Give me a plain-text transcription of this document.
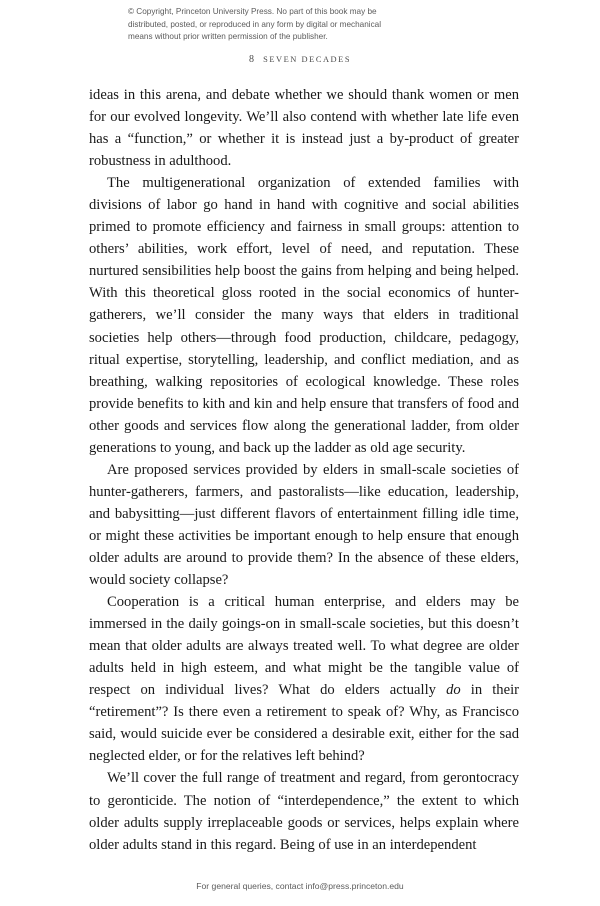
© Copyright, Princeton University Press. No part of this book may be
distributed, posted, or reproduced in any form by digital or mechanical
means without prior written permission of the publisher.
8 SEVEN DECADES

ideas in this arena, and debate whether we should thank women or men for our evolved longevity. We’ll also contend with whether late life even has a “function,” or whether it is instead just a by-product of greater robustness in adulthood.

The multigenerational organization of extended families with divisions of labor go hand in hand with cognitive and social abilities primed to promote efficiency and fairness in small groups: attention to others’ abilities, work effort, level of need, and reputation. These nurtured sensibilities help boost the gains from helping and being helped. With this theoretical gloss rooted in the social economics of hunter-gatherers, we’ll consider the many ways that elders in traditional societies help others—through food production, childcare, pedagogy, ritual expertise, storytelling, leadership, and conflict mediation, and as breathing, walking repositories of ecological knowledge. These roles provide benefits to kith and kin and help ensure that transfers of food and other goods and services flow along the generational ladder, from older generations to young, and back up the ladder as old age security.

Are proposed services provided by elders in small-scale societies of hunter-gatherers, farmers, and pastoralists—like education, leadership, and babysitting—just different flavors of entertainment filling idle time, or might these activities be important enough to help ensure that enough older adults are around to provide them? In the absence of these elders, would society collapse?

Cooperation is a critical human enterprise, and elders may be immersed in the daily goings-on in small-scale societies, but this doesn’t mean that older adults are always treated well. To what degree are older adults held in high esteem, and what might be the tangible value of respect on individual lives? What do elders actually do in their “retirement”? Is there even a retirement to speak of? Why, as Francisco said, would suicide ever be considered a desirable exit, either for the sad neglected elder, or for the relatives left behind?

We’ll cover the full range of treatment and regard, from gerontocracy to geronticide. The notion of “interdependence,” the extent to which older adults supply irreplaceable goods or services, helps explain where older adults stand in this regard. Being of use in an interdependent

For general queries, contact info@press.princeton.edu
